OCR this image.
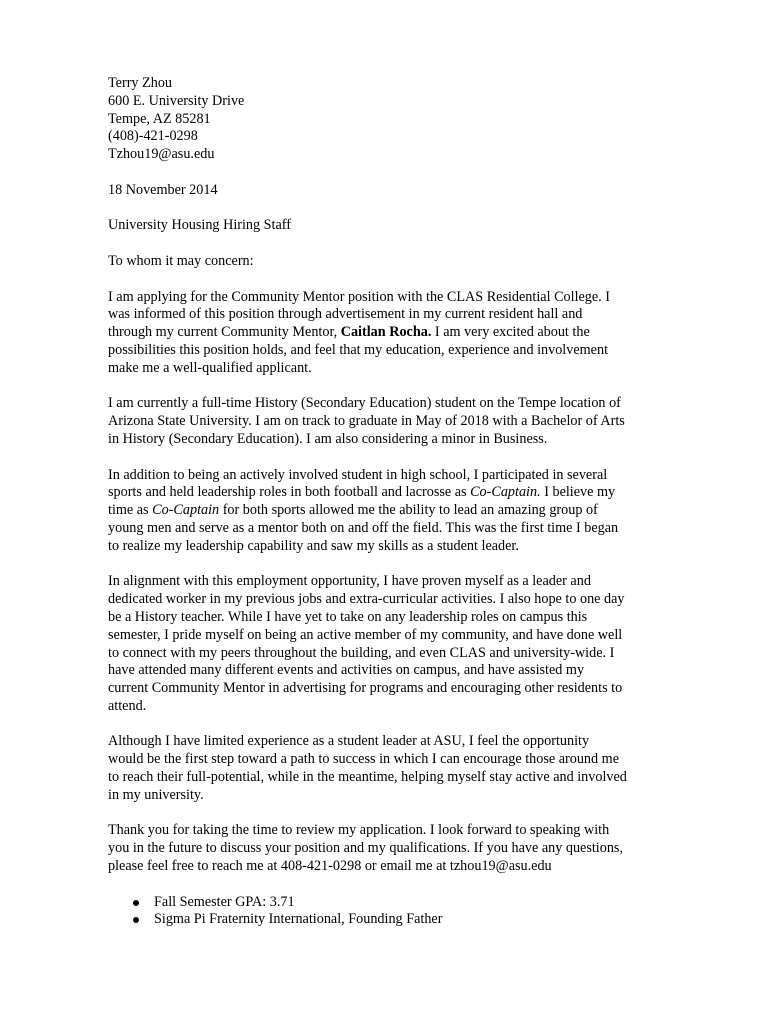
Terry Zhou
600 E. University Drive
Tempe, AZ 85281
(408)-421-0298
Tzhou19@asu.edu
18 November 2014
University Housing Hiring Staff
To whom it may concern:
I am applying for the Community Mentor position with the CLAS Residential College. I
was informed of this position through advertisement in my current resident hall and
through my current Community Mentor, Caitlan Rocha. I am very excited about the
possibilities this position holds, and feel that my education, experience and involvement
make me a well-qualified applicant.
I am currently a full-time History (Secondary Education) student on the Tempe location of
Arizona State University. I am on track to graduate in May of 2018 with a Bachelor of Arts
in History (Secondary Education). I am also considering a minor in Business.
In addition to being an actively involved student in high school, I participated in several
sports and held leadership roles in both football and lacrosse as Co-Captain. I believe my
time as Co-Captain for both sports allowed me the ability to lead an amazing group of
young men and serve as a mentor both on and off the field. This was the first time I began
to realize my leadership capability and saw my skills as a student leader.
In alignment with this employment opportunity, I have proven myself as a leader and
dedicated worker in my previous jobs and extra-curricular activities. I also hope to one day
be a History teacher. While I have yet to take on any leadership roles on campus this
semester, I pride myself on being an active member of my community, and have done well
to connect with my peers throughout the building, and even CLAS and university-wide. I
have attended many different events and activities on campus, and have assisted my
current Community Mentor in advertising for programs and encouraging other residents to
attend.
Although I have limited experience as a student leader at ASU, I feel the opportunity
would be the first step toward a path to success in which I can encourage those around me
to reach their full-potential, while in the meantime, helping myself stay active and involved
in my university.
Thank you for taking the time to review my application. I look forward to speaking with
you in the future to discuss your position and my qualifications. If you have any questions,
please feel free to reach me at 408-421-0298 or email me at tzhou19@asu.edu
Fall Semester GPA: 3.71
Sigma Pi Fraternity International, Founding Father
